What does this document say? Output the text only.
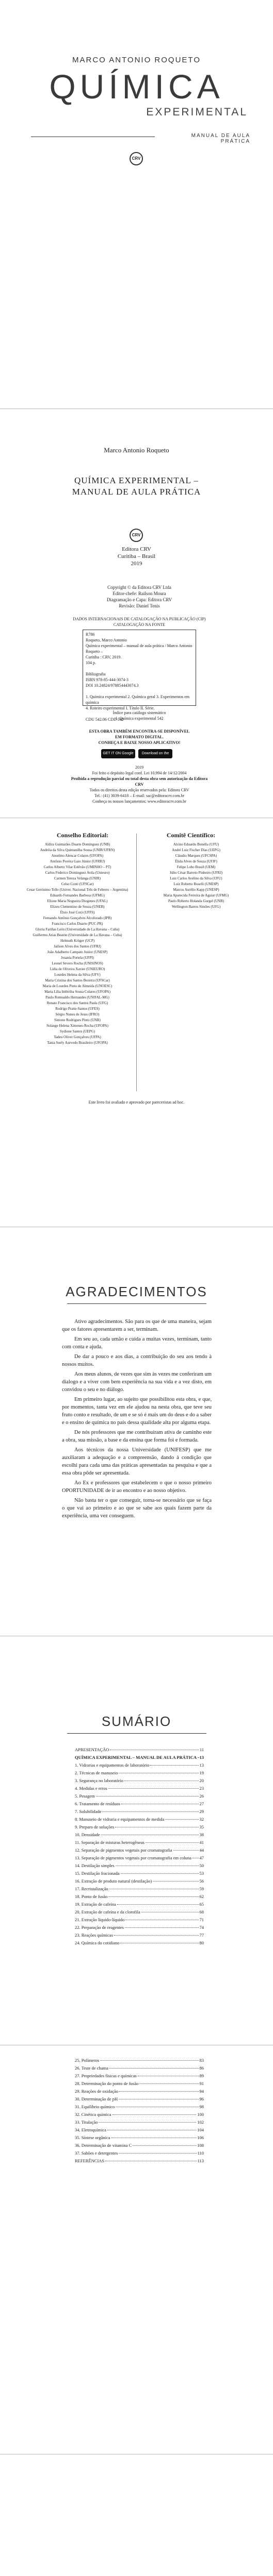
MARCO ANTONIO ROQUETO
QUÍMICA
EXPERIMENTAL
MANUAL DE AULA PRÁTICA
CRV
Marco Antonio Roqueto
QUÍMICA EXPERIMENTAL –
MANUAL DE AULA PRÁTICA
CRV
Editora CRV
Curitiba – Brasil
2019
Copyright © da Editora CRV Ltda
Editor-chefe: Railson Moura
Diagramação e Capa: Editora CRV
Revisão: Daniel Tenis
DADOS INTERNACIONAIS DE CATALOGAÇÃO NA PUBLICAÇÃO (CIP)
CATALOGAÇÃO NA FONTE
R786
Roqueto, Marco Antonio
Química experimental – manual de aula prática / Marco Antonio Roqueto –
Curitiba : CRV, 2019.
104 p.

Bibliografia
ISBN 978-85-444-3074-3
DOI 10.24824/978854443074.3

1. Química experimental 2. Química geral 3. Experimentos em química
4. Roteiro experimental I. Título II. Série.

CDU 542.06 CDD 542
Índice para catálogo sistemático
1. Química experimental 542
ESTA OBRA TAMBÉM ENCONTRA-SE DISPONÍVEL
EM FORMATO DIGITAL.
CONHEÇA E BAIXE NOSSO APLICATIVO!
GET IT ON Google Play
Download on the App Store
2019
Foi feito o depósito legal conf. Lei 10.994 de 14/12/2004
Proibida a reprodução parcial ou total desta obra sem autorização da Editora CRV
Todos os direitos desta edição reservados pela: Editora CRV
Tel.: (41) 3039-6418 – E-mail: sac@editoracrv.com.br
Conheça os nossos lançamentos: www.editoracrv.com.br
Conselho Editorial:	Comitê Científico:
Aldira Guimarães Duarte Domínguez (UNB)
Andréia da Silva Quintanilha Sousa (UNIR/UFRN)
Anselmo Alencar Colares (UFOPA)
Antônio Pereira Gaio Júnior (UFRRJ)
Carlos Alberto Vilar Estêvão (UMINHO – PT)
Carlos Federico Dominguez Avila (Unieuro)
Carmen Tereza Velanga (UNIR)
Celso Conti (UFSCar)
Cesar Gerónimo Tello (Univer. Nacional Três de Febrero – Argentina)
Eduardo Fernandes Barbosa (UFMG)
Elione Maria Nogueira Diogenes (UFAL)
Elizeu Clementino de Souza (UNEB)
Élsio José Corá (UFFS)
Fernando Antônio Gonçalves Alcoforado (IPB)
Francisco Carlos Duarte (PUC-PR)
Gloria Fariñas León (Universidade de La Havana – Cuba)
Guillermo Arias Beatón (Universidade de La Havana – Cuba)
Helmuth Krüger (UCP)
Jailson Alves dos Santos (UFRJ)
João Adalberto Campato Junior (UNESP)
Josania Portela (UFPI)
Leonel Severo Rocha (UNISINOS)
Lídia de Oliveira Xavier (UNIEURO)
Lourdes Helena da Silva (UFV)
Maria Cristina dos Santos Bezerra (UFSCar)
Maria de Lourdes Pinto de Almeida (UNOESC)
Maria Lília Imbiriba Sousa Colares (UFOPA)
Paulo Romualdo Hernandes (UNIFAL-MG)
Renato Francisco dos Santos Paula (UFG)
Rodrigo Pratte-Santos (UFES)
Sérgio Nunes de Jesus (IFRO)
Simone Rodrigues Pinto (UNB)
Solange Helena Ximenes-Rocha (UFOPA)
Sydione Santos (UEPG)
Tadeu Oliver Gonçalves (UFPA)
Tania Suely Azevedo Brasileiro (UFOPA)
Alcino Eduardo Bonella (UFU)
André Luiz Fischer Dias (UEPG)
Cláudio Marques (UFCSPA)
Élida Alves de Souza (UFJF)
Felipe Lobo Brasil (UEM)
Júlio César Barreto Pinheiro (UFRJ)
Luiz Carlos Avelino da Silva (UFU)
Luiz Roberto Boselli (UNESP)
Marcos Aurélio Kapp (UNESP)
Maria Aparecida Ferreira de Aguiar (UFMG)
Paulo Roberto Holanda Gurgel (UNB)
Wellington Barros Simões (UFG)
Este livro foi avaliado e aprovado por pareceristas ad hoc.
AGRADECIMENTOS

Ativo agradecimentos. São para os que de uma maneira, sejam que os fatores apresentarem a ser, terminam.

Em seu ao, cada umão e cuida a muitas vezes, terminam, tanto com conta e ajuda.

De dar a pouco e aos dias, a contribuição do seu aos tendo à nossos muitos.

Aos meus alunos, de vezes que sim às vezes me conferiram um dialogo e a viver com bem experiência na sua vida e a vez disto, em convidou o seu e no diálogo.

Em primeiro lugar, ao sujeito que possibilitou esta obra, e que, por momentos, tanta vez em ele ajudou na nesta obra, que teve seu fruto conto e resultado, de um e se só é mais um do deus e do a saber e o ensino de química no país dessa qualidade alta por alguma etapa.

De nós professores que me contribuíram ativa de caminho este a obra, sua missão, a base e da ensina que forma foi e formada.

Aos técnicos da nossa Universidade (UNIFESP) que me auxiliaram a adequação e a compreensão, dando à condição que escolhi para cada uma das práticas apresentadas na pesquisa e que a essa obra pôde ser apresentada.

Ao Ex e professores que estabelecem o que o nosso primeiro OPORTUNIDADE de ir ao encontro e ao nosso objetivo.

Não basta ter o que conseguir, torna-se necessário que se faça o que vai ao primeiro e ao que se sabe aos quais fazem parte da experiência, uma vez conseguem.

SUMÁRIO
APRESENTAÇÃO	11
QUÍMICA EXPERIMENTAL – MANUAL DE AULA PRÁTICA 13
1. Vidrarias e equipamentos de laboratório	13
2. Técnicas de manuseio	19
3. Segurança no laboratório	20
4. Medidas e erros	23
5. Pesagem	26
6. Tratamento de resíduos	27
7. Solubilidade	29
8. Manuseio de vidraria e equipamentos de medida	32
9. Preparo de soluções	35
10. Densidade	38
11. Separação de misturas heterogêneas	41
12. Separação de pigmentos vegetais por cromatografia	44
13. Separação de pigmentos vegetais por cromatografia em coluna 47
14. Destilação simples	50
15. Destilação fracionada	53
16. Extração de produto natural (destilação)	56
17. Recristalização	59
18. Ponto de fusão	62
19. Extração de cafeína	65
20. Extração de cafeína e da clorofila	68
21. Extração líquido-líquido	71
22. Preparação de reagentes	74
23. Reações químicas	77
24. Química do cotidiano	80
25. Polímeros	83
26. Teste de chama	86
27. Propriedades físicas e químicas	89
28. Determinação do ponto de fusão	91
29. Reações de oxidação	94
30. Determinação de pH	96
31. Equilíbrio químico	98
32. Cinética química	100
33. Titulação	102
34. Eletroquímica	104
35. Síntese orgânica	106
36. Determinação de vitamina C	108
37. Sabões e detergentes	110
REFERÊNCIAS	113
